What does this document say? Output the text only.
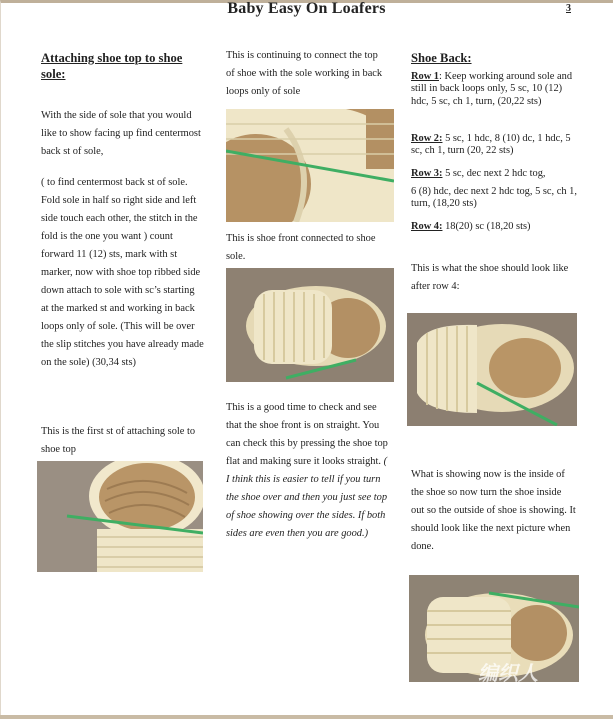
Baby Easy On Loafers	3
Attaching shoe top to shoe sole:
With the side of sole that you would like to show facing up find centermost back st of sole,
( to find centermost back st of sole. Fold sole in half so right side and left side touch each other, the stitch in the fold is the one you want ) count forward 11 (12) sts, mark with st marker, now with shoe top ribbed side down attach to sole with sc’s starting at the marked st and working in back loops only of sole. (This will be over the slip stitches you have already made on the sole) (30,34 sts)
This is the first st of attaching sole to shoe top
This is continuing to connect the top of shoe with the sole working in back loops only of sole
This is shoe front connected to shoe sole.
This is a good time to check and see that the shoe front is on straight. You can check this by pressing the shoe top flat and making sure it looks straight. ( I think this is easier to tell if you turn the shoe over and then you just see top of shoe showing over the sides. If both sides are even then you are good.)
Shoe Back:
Row 1: Keep working around sole and still in back loops only, 5 sc, 10 (12) hdc, 5 sc, ch 1, turn, (20,22 sts)
Row 2: 5 sc, 1 hdc, 8 (10) dc, 1 hdc, 5 sc, ch 1, turn (20, 22 sts)
Row 3: 5 sc, dec next 2 hdc tog,
6 (8) hdc, dec next 2 hdc tog, 5 sc, ch 1, turn, (18,20 sts)
Row 4: 18(20) sc (18,20 sts)
This is what the shoe should look like after row 4:
What is showing now is the inside of the shoe so now turn the shoe inside out so the outside of shoe is showing. It should look like the next picture when done.
编织人
